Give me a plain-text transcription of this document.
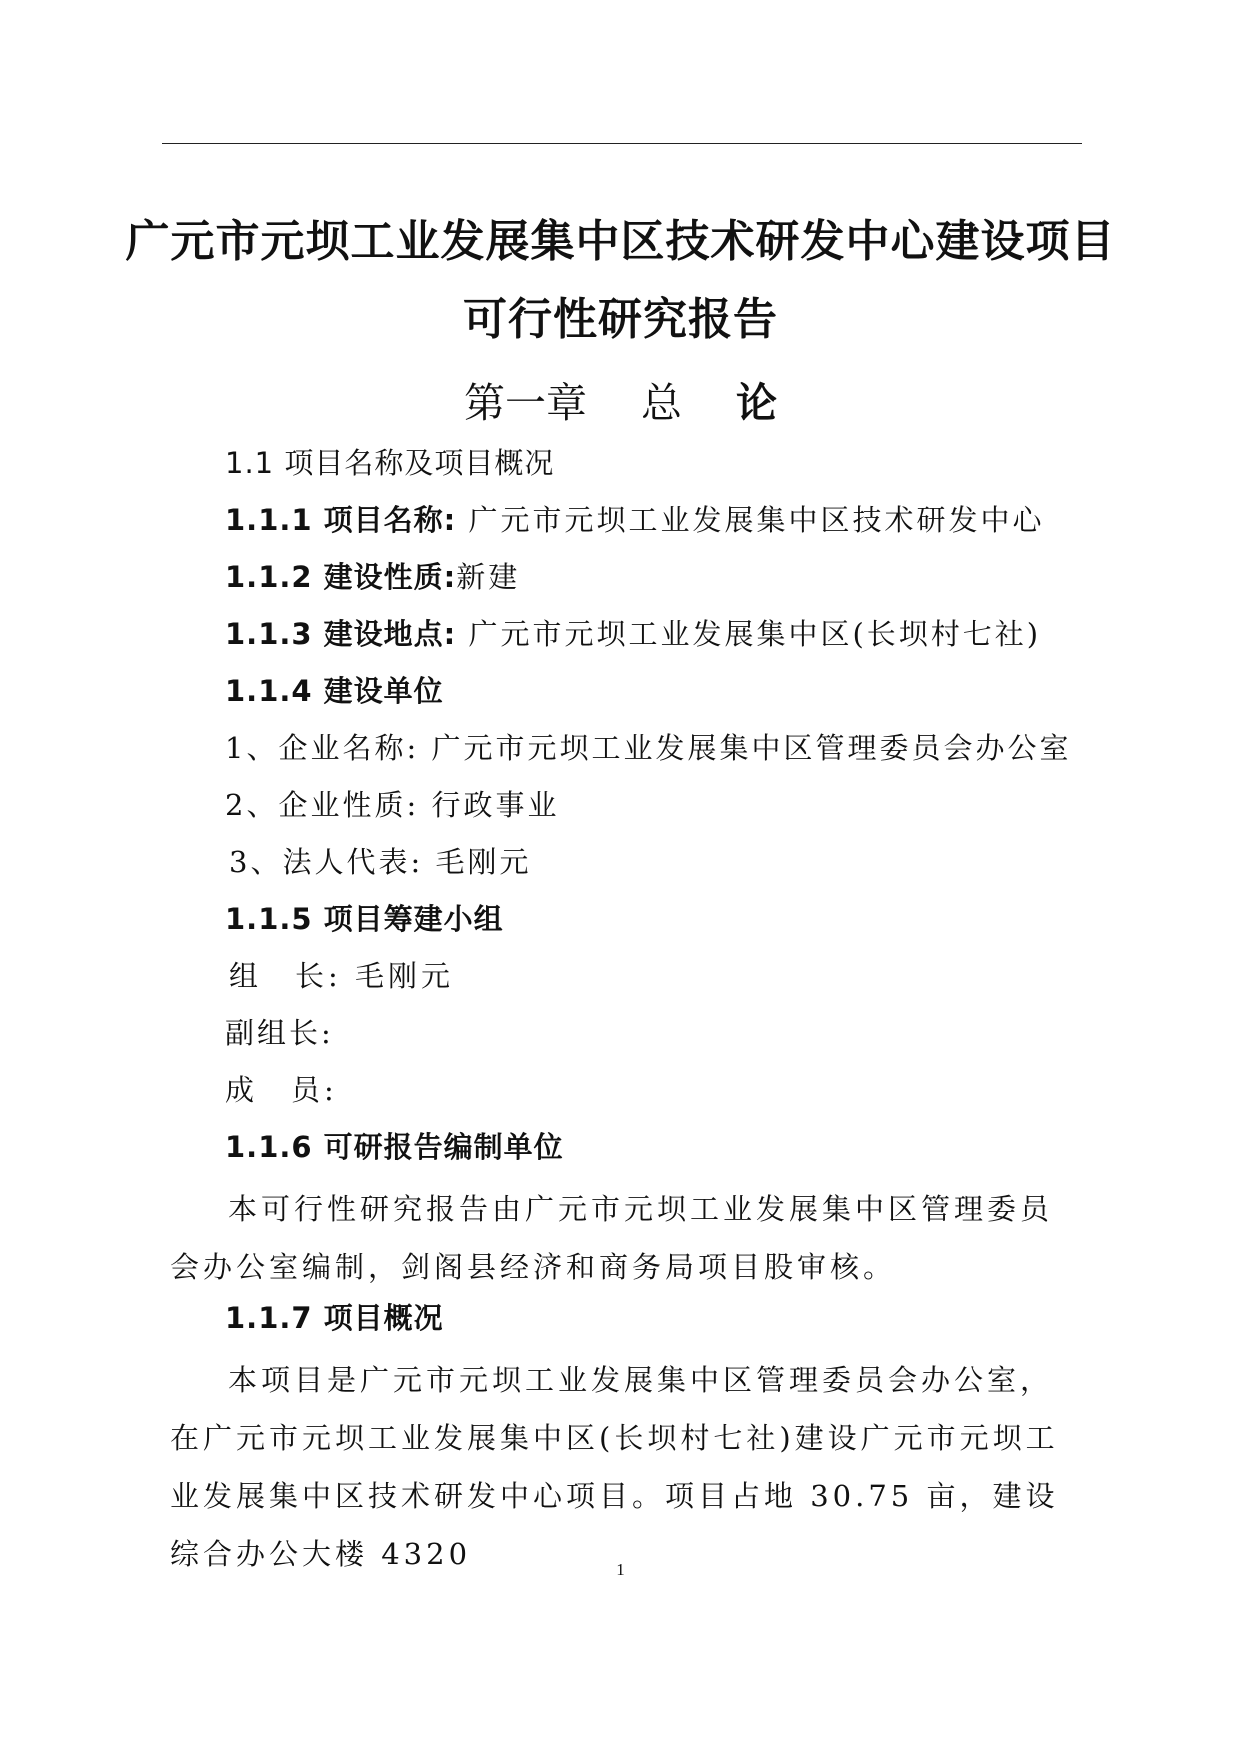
广元市元坝工业发展集中区技术研发中心建设项目
可行性研究报告
第一章　 总　 论
1.1 项目名称及项目概况
1.1.1 项目名称: 广元市元坝工业发展集中区技术研发中心
1.1.2 建设性质:新建
1.1.3 建设地点: 广元市元坝工业发展集中区(长坝村七社)
1.1.4 建设单位
1、企业名称: 广元市元坝工业发展集中区管理委员会办公室
2、企业性质: 行政事业
3、法人代表: 毛刚元
1.1.5 项目筹建小组
组　长: 毛刚元
副组长:
成　员:
1.1.6 可研报告编制单位
本可行性研究报告由广元市元坝工业发展集中区管理委员会办公室编制，剑阁县经济和商务局项目股审核。
1.1.7 项目概况
本项目是广元市元坝工业发展集中区管理委员会办公室，在广元市元坝工业发展集中区(长坝村七社)建设广元市元坝工业发展集中区技术研发中心项目。项目占地 30.75 亩，建设综合办公大楼 4320	1
